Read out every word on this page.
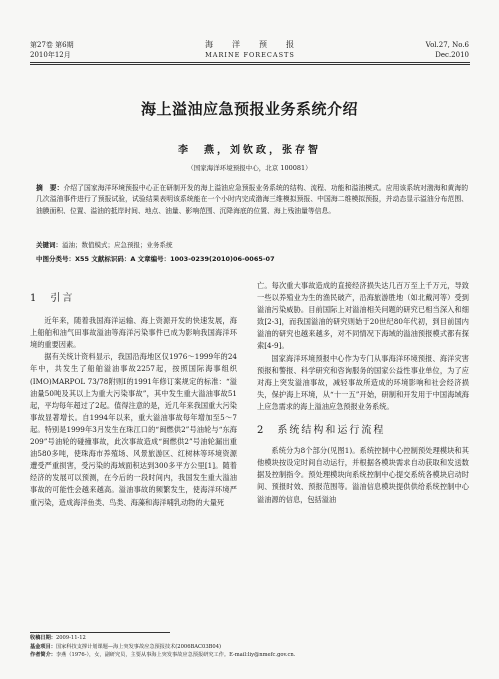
第27卷 第6期
2010年12月
海　　洋　　预　　报
MARINE FORECASTS
Vol.27, No.6
Dec.2010
海上溢油应急预报业务系统介绍
李　燕，刘钦政，张存智
（国家海洋环境预报中心，北京 100081）
摘　要：介绍了国家海洋环境预报中心正在研制开发的海上溢油应急预报业务系统的结构、流程、功能和溢油模式。应用该系统对渤海和黄海的几次溢油事件进行了预报试验，试验结果表明该系统能在一个小时内完成渤海三维模拟预报、中国海二维模拟预报，并动态显示溢油分布范围、油膜面积、位置、溢油的抵岸时间、地点、油量、影响范围、沉降海底的位置、海上残油量等信息。
关键词：溢油；数值模式；应急预报；业务系统
中图分类号：X55 文献标识码：A 文章编号：1003-0239(2010)06-0065-07
1　引言

近年来，随着我国海洋运输、海上资源开发的快速发展，海上船舶和油气田事故溢油等海洋污染事件已成为影响我国海洋环境的重要因素。

据有关统计资料显示，我国沿海地区仅1976～1999年的24年中，共发生了船舶溢油事故2257起，按照国际海事组织(IMO)MARPOL 73/78附则I的1991年修订案规定的标准：“溢油量50吨及其以上为重大污染事故”，其中发生重大溢油事故51起，平均每年超过了2起。值得注意的是，近几年来我国重大污染事故显著增长。自1994年以来，重大溢油事故每年增加至5～7起。特别是1999年3月发生在珠江口的“闽燃供2”号油轮与“东海209”号油轮的碰撞事故，此次事故造成“闽燃供2”号油轮漏出重油580多吨，使珠海市养殖场、风景旅游区、红树林等环境资源遭受严重损害，受污染的海域面积达到300多平方公里[1]。随着经济的发展可以预测，在今后的一段时间内，我国发生重大溢油事故的可能性会越来越高。溢油事故的频繁发生，使海洋环境严重污染，造成海洋鱼类、鸟类、海藻和海洋哺乳动物的大量死

亡。每次重大事故造成的直接经济损失达几百万至上千万元，导致一些以养殖业为生的渔民破产，沿海旅游胜地（如北戴河等）受到溢油污染威胁。目前国际上对溢油相关问题的研究已相当深入和细致[2-3]，而我国溢油的研究则始于20世纪80年代初，到目前国内溢油的研究也越来越多，对不同情况下海域的溢油预报模式都有探索[4-9]。

国家海洋环境预报中心作为专门从事海洋环境预报、海洋灾害预报和警报、科学研究和咨询服务的国家公益性事业单位，为了应对海上突发溢油事故，减轻事故所造成的环境影响和社会经济损失，保护海上环境，从“十一五”开始，研制和开发用于中国海域海上应急需求的海上溢油应急预报业务系统。

2　系统结构和运行流程

系统分为8个部分(见图1)。系统控制中心控制预处理模块和其他模块按设定时间自动运行，并根据各模块需求自动获取和发送数据及控制指令。预处理模块向系统控制中心提交系统各模块启动时间、预报时效、预报范围等。溢油信息模块提供供给系统控制中心溢油源的信息，包括溢油

收稿日期：2009-11-12
基金项目：国家科技支撑计划课题—海上突发事故应急预报技术(2006BAC03B04)
作者简介：李燕（1976-），女，副研究员，主要从事海上突发事故应急预报研究工作。E-mail:liy@nmefc.gov.cn.
